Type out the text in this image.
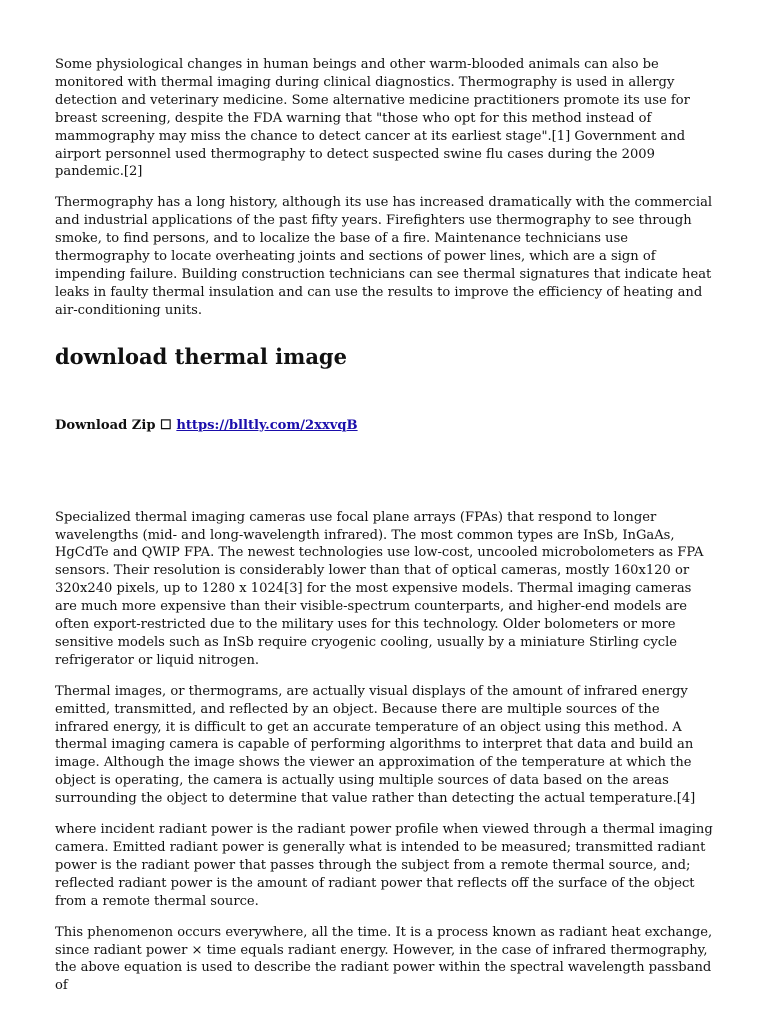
Some physiological changes in human beings and other warm-blooded animals can also be monitored with thermal imaging during clinical diagnostics. Thermography is used in allergy detection and veterinary medicine. Some alternative medicine practitioners promote its use for breast screening, despite the FDA warning that "those who opt for this method instead of mammography may miss the chance to detect cancer at its earliest stage".[1] Government and airport personnel used thermography to detect suspected swine flu cases during the 2009 pandemic.[2]

Thermography has a long history, although its use has increased dramatically with the commercial and industrial applications of the past fifty years. Firefighters use thermography to see through smoke, to find persons, and to localize the base of a fire. Maintenance technicians use thermography to locate overheating joints and sections of power lines, which are a sign of impending failure. Building construction technicians can see thermal signatures that indicate heat leaks in faulty thermal insulation and can use the results to improve the efficiency of heating and air-conditioning units.

download thermal image
Download Zip ☐ https://blltly.com/2xxvqB

Specialized thermal imaging cameras use focal plane arrays (FPAs) that respond to longer wavelengths (mid- and long-wavelength infrared). The most common types are InSb, InGaAs, HgCdTe and QWIP FPA. The newest technologies use low-cost, uncooled microbolometers as FPA sensors. Their resolution is considerably lower than that of optical cameras, mostly 160x120 or 320x240 pixels, up to 1280 x 1024[3] for the most expensive models. Thermal imaging cameras are much more expensive than their visible-spectrum counterparts, and higher-end models are often export-restricted due to the military uses for this technology. Older bolometers or more sensitive models such as InSb require cryogenic cooling, usually by a miniature Stirling cycle refrigerator or liquid nitrogen.

Thermal images, or thermograms, are actually visual displays of the amount of infrared energy emitted, transmitted, and reflected by an object. Because there are multiple sources of the infrared energy, it is difficult to get an accurate temperature of an object using this method. A thermal imaging camera is capable of performing algorithms to interpret that data and build an image. Although the image shows the viewer an approximation of the temperature at which the object is operating, the camera is actually using multiple sources of data based on the areas surrounding the object to determine that value rather than detecting the actual temperature.[4]

where incident radiant power is the radiant power profile when viewed through a thermal imaging camera. Emitted radiant power is generally what is intended to be measured; transmitted radiant power is the radiant power that passes through the subject from a remote thermal source, and; reflected radiant power is the amount of radiant power that reflects off the surface of the object from a remote thermal source.

This phenomenon occurs everywhere, all the time. It is a process known as radiant heat exchange, since radiant power × time equals radiant energy. However, in the case of infrared thermography, the above equation is used to describe the radiant power within the spectral wavelength passband of
